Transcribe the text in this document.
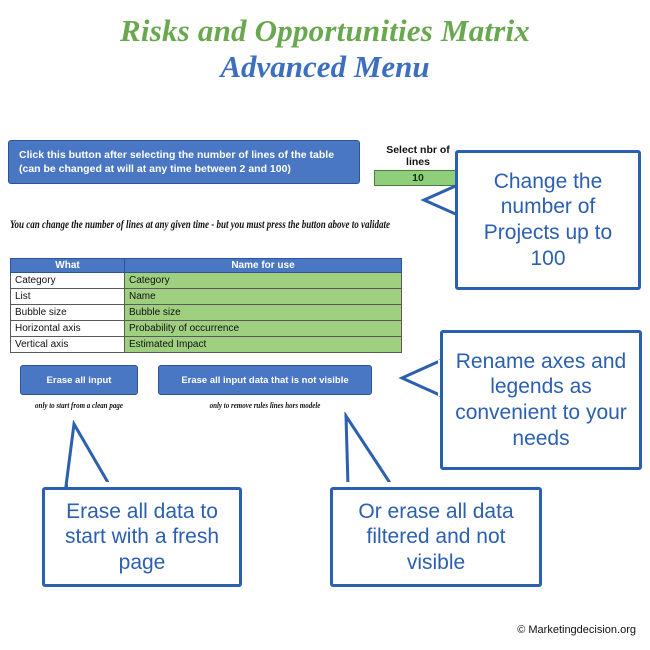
Risks and Opportunities Matrix
Advanced Menu
Click this button after selecting the number of lines of the table (can be changed at will at any time between 2 and 100)
Select nbr of lines
10
You can change the number of lines at any given time - but you must press the button above to validate
What	Name for use
Category	Category
List	Name
Bubble size	Bubble size
Horizontal axis	Probability of occurrence
Vertical axis	Estimated Impact
Erase all input	Erase all input data that is not visible
only to start from a clean page	only to remove rules lines hors modele
Change the number of Projects up to 100
Rename axes and legends as convenient to your needs
Erase all data to start with a fresh page
Or erase all data filtered and not visible
© Marketingdecision.org
